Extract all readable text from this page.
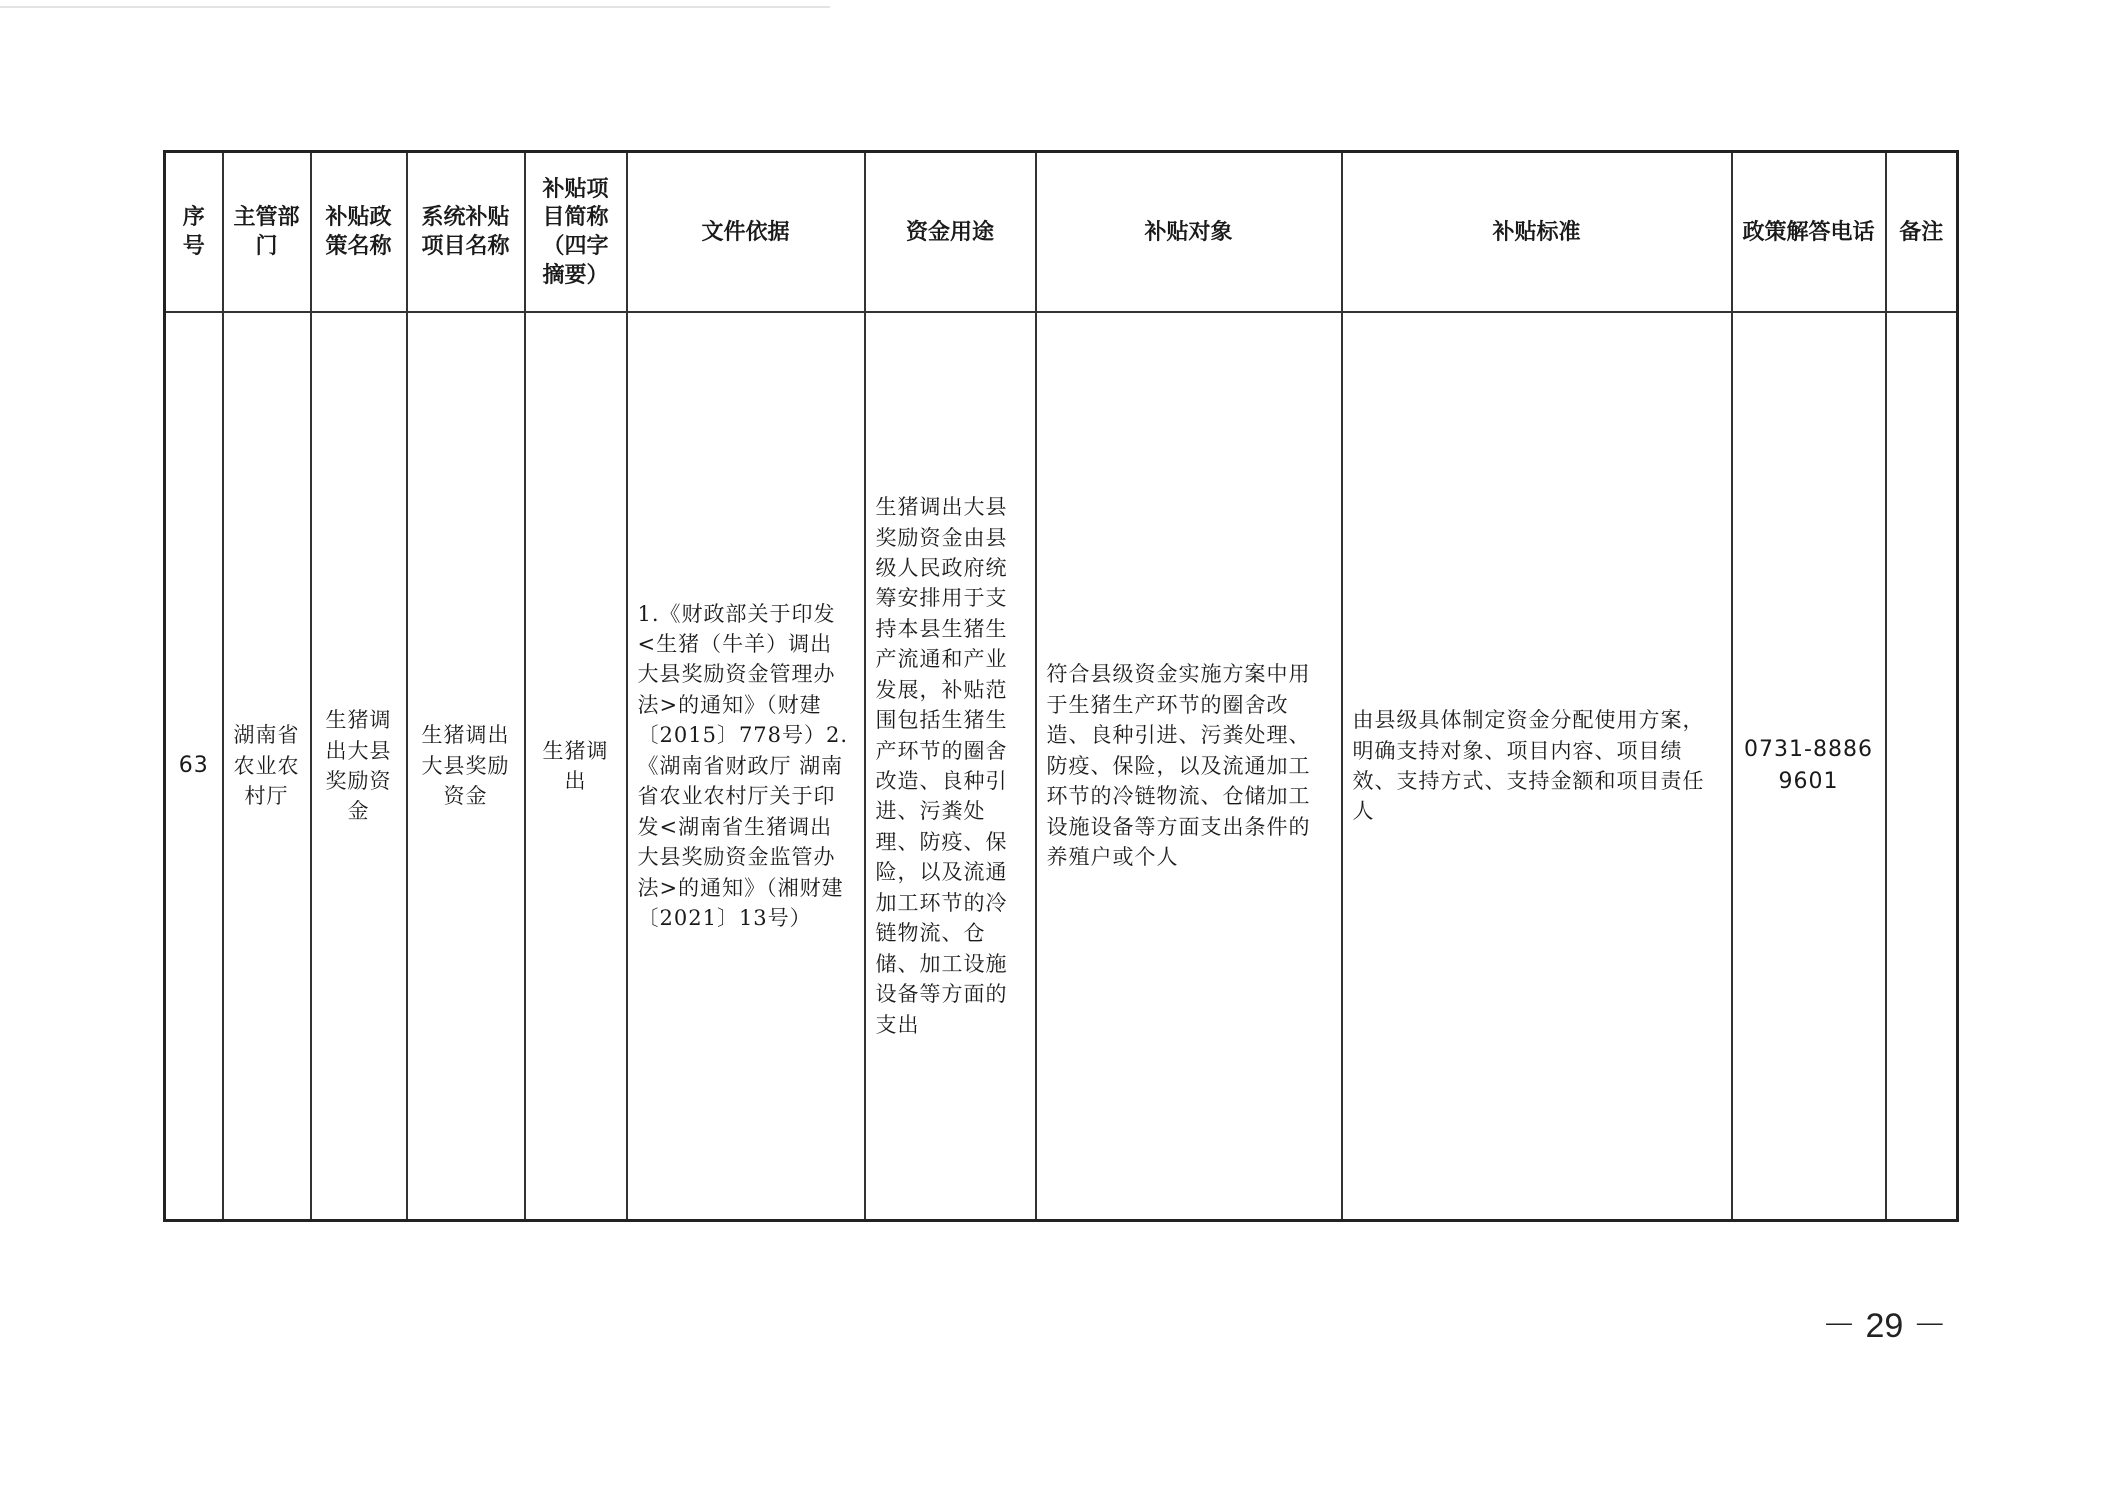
序号	主管部门	补贴政策名称	系统补贴项目名称	补贴项目简称（四字摘要）	文件依据	资金用途	补贴对象	补贴标准	政策解答电话	备注
63	湖南省农业农村厅	生猪调出大县奖励资金	生猪调出大县奖励资金	生猪调出	1.《财政部关于印发<生猪（牛羊）调出大县奖励资金管理办法>的通知》（财建〔2015〕778号）2.《湖南省财政厅 湖南省农业农村厅关于印发<湖南省生猪调出大县奖励资金监管办法>的通知》（湘财建〔2021〕13号）	生猪调出大县奖励资金由县级人民政府统筹安排用于支持本县生猪生产流通和产业发展，补贴范围包括生猪生产环节的圈舍改造、良种引进、污粪处理、防疫、保险，以及流通加工环节的冷链物流、仓储、加工设施设备等方面的支出	符合县级资金实施方案中用于生猪生产环节的圈舍改造、良种引进、污粪处理、防疫、保险，以及流通加工环节的冷链物流、仓储加工设施设备等方面支出条件的养殖户或个人	由县级具体制定资金分配使用方案，明确支持对象、项目内容、项目绩效、支持方式、支持金额和项目责任人	0731-88869601	
－ 29 －
